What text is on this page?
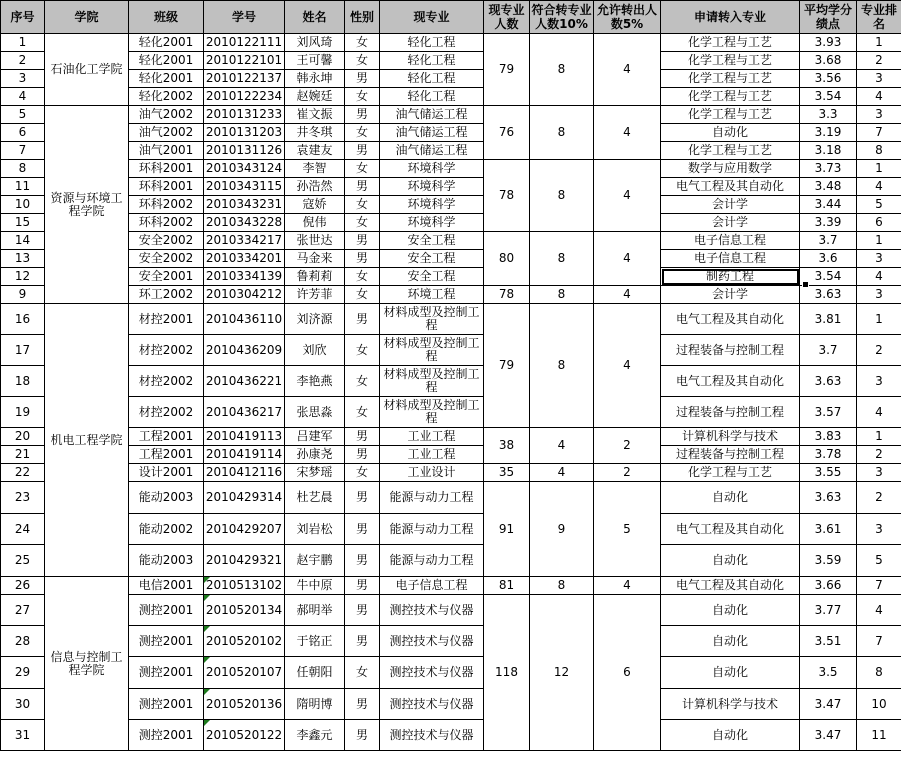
序号	学院	班级	学号	姓名	性别	现专业	现专业人数	符合转专业人数10%	允许转出人数5%	申请转入专业	平均学分绩点	专业排名
1	石油化工学院	轻化2001	2010122111	刘风琦	女	轻化工程	79	8	4	化学工程与工艺	3.93	1
2		轻化2001	2010122101	王可馨	女	轻化工程				化学工程与工艺	3.68	2
3		轻化2001	2010122137	韩永坤	男	轻化工程				化学工程与工艺	3.56	3
4		轻化2002	2010122234	赵婉廷	女	轻化工程				化学工程与工艺	3.54	4
5	资源与环境工程学院	油气2002	2010131233	崔文振	男	油气储运工程	76	8	4	化学工程与工艺	3.3	3
6		油气2002	2010131203	井冬琪	女	油气储运工程				自动化	3.19	7
7		油气2001	2010131126	袁建友	男	油气储运工程				化学工程与工艺	3.18	8
8		环科2001	2010343124	李智	女	环境科学	78	8	4	数学与应用数学	3.73	1
11		环科2001	2010343115	孙浩然	男	环境科学				电气工程及其自动化	3.48	4
10		环科2002	2010343231	寇娇	女	环境科学				会计学	3.44	5
15		环科2002	2010343228	倪伟	女	环境科学				会计学	3.39	6
14		安全2002	2010334217	张世达	男	安全工程	80	8	4	电子信息工程	3.7	1
13		安全2002	2010334201	马金来	男	安全工程				电子信息工程	3.6	3
12		安全2001	2010334139	鲁莉莉	女	安全工程				制药工程	3.54	4
9		环工2002	2010304212	许芳菲	女	环境工程	78	8	4	会计学	3.63	3
16	机电工程学院	材控2001	2010436110	刘济源	男	材料成型及控制工程	79	8	4	电气工程及其自动化	3.81	1
17		材控2002	2010436209	刘欣	女	材料成型及控制工程				过程装备与控制工程	3.7	2
18		材控2002	2010436221	李艳燕	女	材料成型及控制工程				电气工程及其自动化	3.63	3
19		材控2002	2010436217	张思淼	女	材料成型及控制工程				过程装备与控制工程	3.57	4
20		工程2001	2010419113	吕建军	男	工业工程	38	4	2	计算机科学与技术	3.83	1
21		工程2001	2010419114	孙康尧	男	工业工程				过程装备与控制工程	3.78	2
22		设计2001	2010412116	宋梦瑶	女	工业设计	35	4	2	化学工程与工艺	3.55	3
23		能动2003	2010429314	杜艺晨	男	能源与动力工程	91	9	5	自动化	3.63	2
24		能动2002	2010429207	刘岩松	男	能源与动力工程				电气工程及其自动化	3.61	3
25		能动2003	2010429321	赵宇鹏	男	能源与动力工程				自动化	3.59	5
26	信息与控制工程学院	电信2001	2010513102	牛中原	男	电子信息工程	81	8	4	电气工程及其自动化	3.66	7
27		测控2001	2010520134	郝明举	男	测控技术与仪器	118	12	6	自动化	3.77	4
28		测控2001	2010520102	于铭正	男	测控技术与仪器				自动化	3.51	7
29		测控2001	2010520107	任朝阳	女	测控技术与仪器				自动化	3.5	8
30		测控2001	2010520136	隋明博	男	测控技术与仪器				计算机科学与技术	3.47	10
31		测控2001	2010520122	李鑫元	男	测控技术与仪器				自动化	3.47	11
